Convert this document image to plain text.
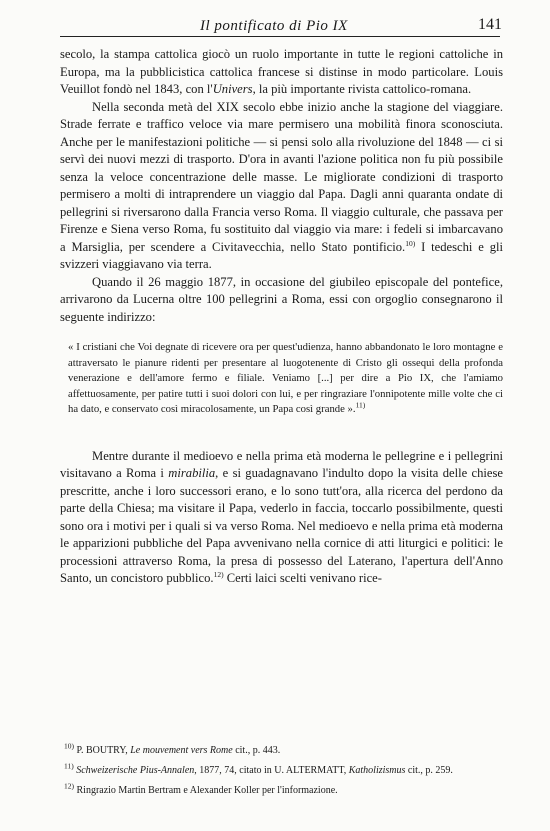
Il pontificato di Pio IX	141

secolo, la stampa cattolica giocò un ruolo importante in tutte le regioni cattoliche in Europa, ma la pubblicistica cattolica francese si distinse in modo particolare. Louis Veuillot fondò nel 1843, con l'Univers, la più importante rivista cattolico-romana.

Nella seconda metà del XIX secolo ebbe inizio anche la stagione del viaggiare. Strade ferrate e traffico veloce via mare permisero una mobilità finora sconosciuta. Anche per le manifestazioni politiche — si pensi solo alla rivoluzione del 1848 — ci si servì dei nuovi mezzi di trasporto. D'ora in avanti l'azione politica non fu più possibile senza la veloce concentrazione delle masse. Le migliorate condizioni di trasporto permisero a molti di intraprendere un viaggio dal Papa. Dagli anni quaranta ondate di pellegrini si riversarono dalla Francia verso Roma. Il viaggio culturale, che passava per Firenze e Siena verso Roma, fu sostituito dal viaggio via mare: i fedeli si imbarcavano a Marsiglia, per scendere a Civitavecchia, nello Stato pontificio.$^{10)}$ I tedeschi e gli svizzeri viaggiavano via terra.

Quando il 26 maggio 1877, in occasione del giubileo episcopale del pontefice, arrivarono da Lucerna oltre 100 pellegrini a Roma, essi con orgoglio consegnarono il seguente indirizzo:

« I cristiani che Voi degnate di ricevere ora per quest'udienza, hanno abbandonato le loro montagne e attraversato le pianure ridenti per presentare al luogotenente di Cristo gli ossequi della profonda venerazione e dell'amore fermo e filiale. Veniamo [...] per dire a Pio IX, che l'amiamo affettuosamente, per patire tutti i suoi dolori con lui, e per ringraziare l'onnipotente mille volte che ci ha dato, e conservato così miracolosamente, un Papa così grande ».$^{11)}$

Mentre durante il medioevo e nella prima età moderna le pellegrine e i pellegrini visitavano a Roma i mirabilia, e si guadagnavano l'indulto dopo la visita delle chiese prescritte, anche i loro successori erano, e lo sono tutt'ora, alla ricerca del perdono da parte della Chiesa; ma visitare il Papa, vederlo in faccia, toccarlo possibilmente, questi sono ora i motivi per i quali si va verso Roma. Nel medioevo e nella prima età moderna le apparizioni pubbliche del Papa avvenivano nella cornice di atti liturgici e politici: le processioni attraverso Roma, la presa di possesso del Laterano, l'apertura dell'Anno Santo, un concistoro pubblico.$^{12)}$ Certi laici scelti venivano rice-

$^{10)}$ P. BOUTRY, Le mouvement vers Rome cit., p. 443.

$^{11)}$ Schweizerische Pius-Annalen, 1877, 74, citato in U. ALTERMATT, Katholizismus cit., p. 259.

$^{12)}$ Ringrazio Martin Bertram e Alexander Koller per l'informazione.
